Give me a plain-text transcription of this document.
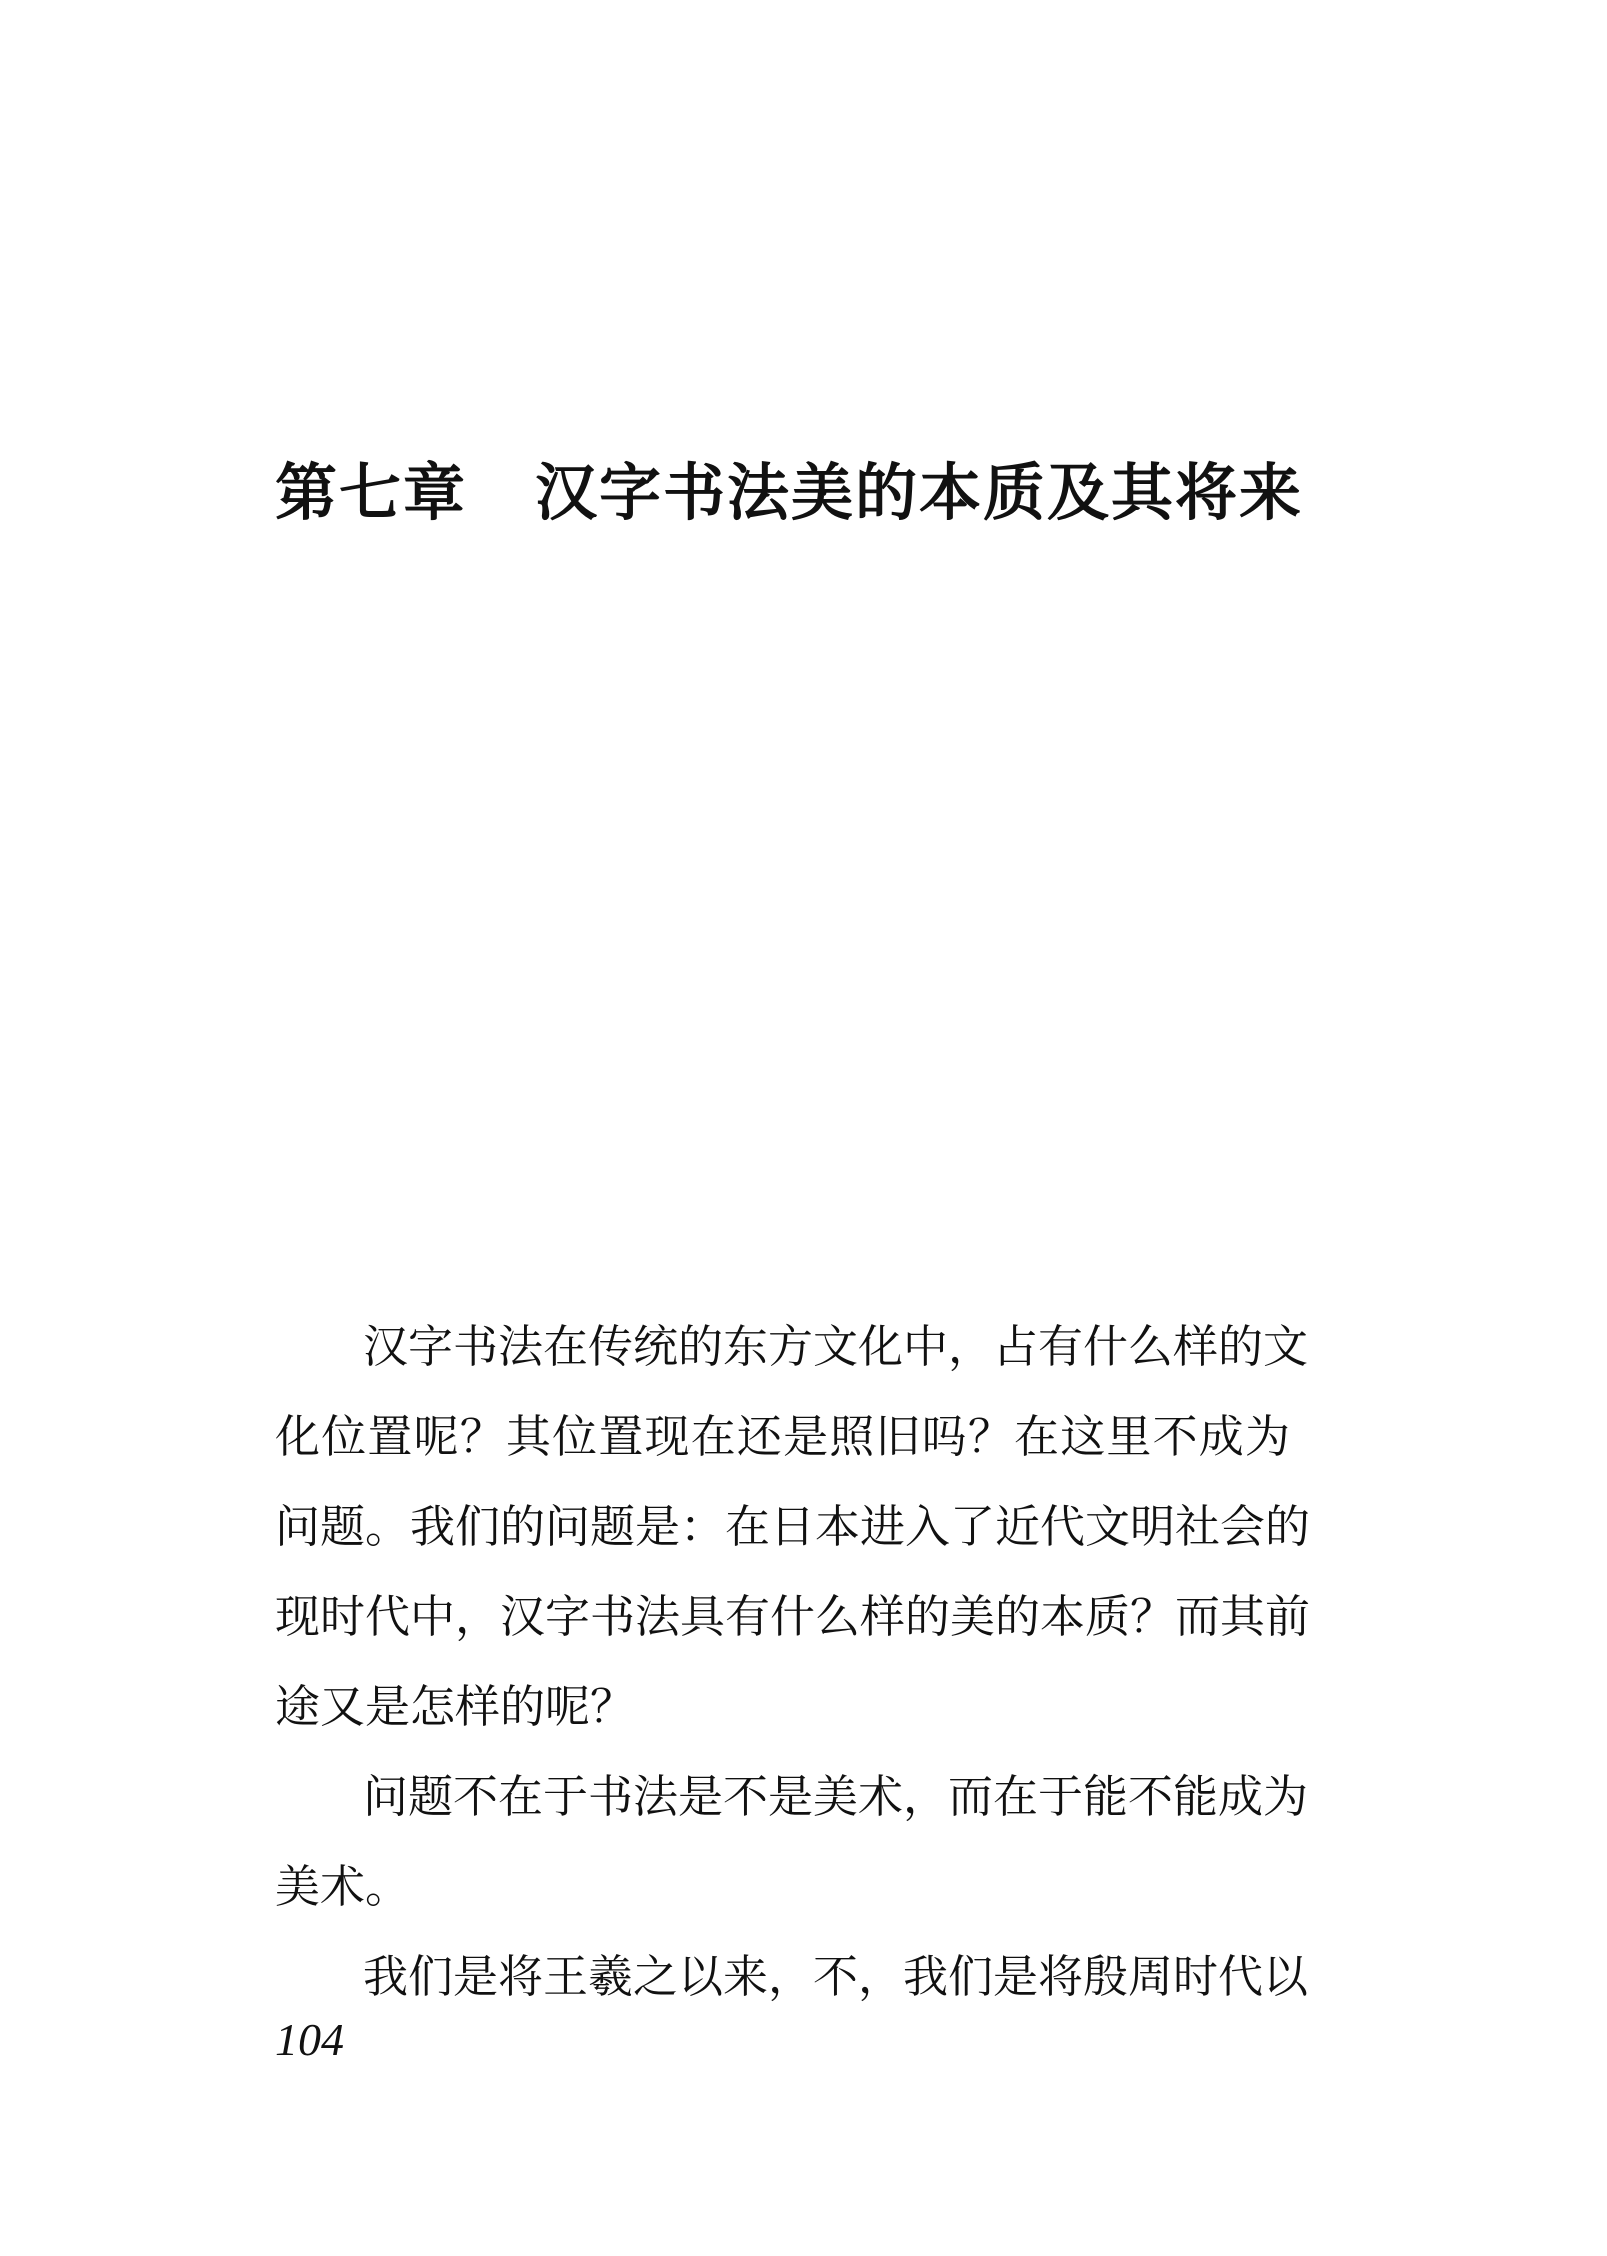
第七章 汉字书法美的本质及其将来
汉字书法在传统的东方文化中，占有什么样的文
化位置呢？其位置现在还是照旧吗？在这里不成为
问题。我们的问题是：在日本进入了近代文明社会的
现时代中，汉字书法具有什么样的美的本质？而其前
途又是怎样的呢？
问题不在于书法是不是美术，而在于能不能成为
美术。
我们是将王羲之以来，不，我们是将殷周时代以
104
